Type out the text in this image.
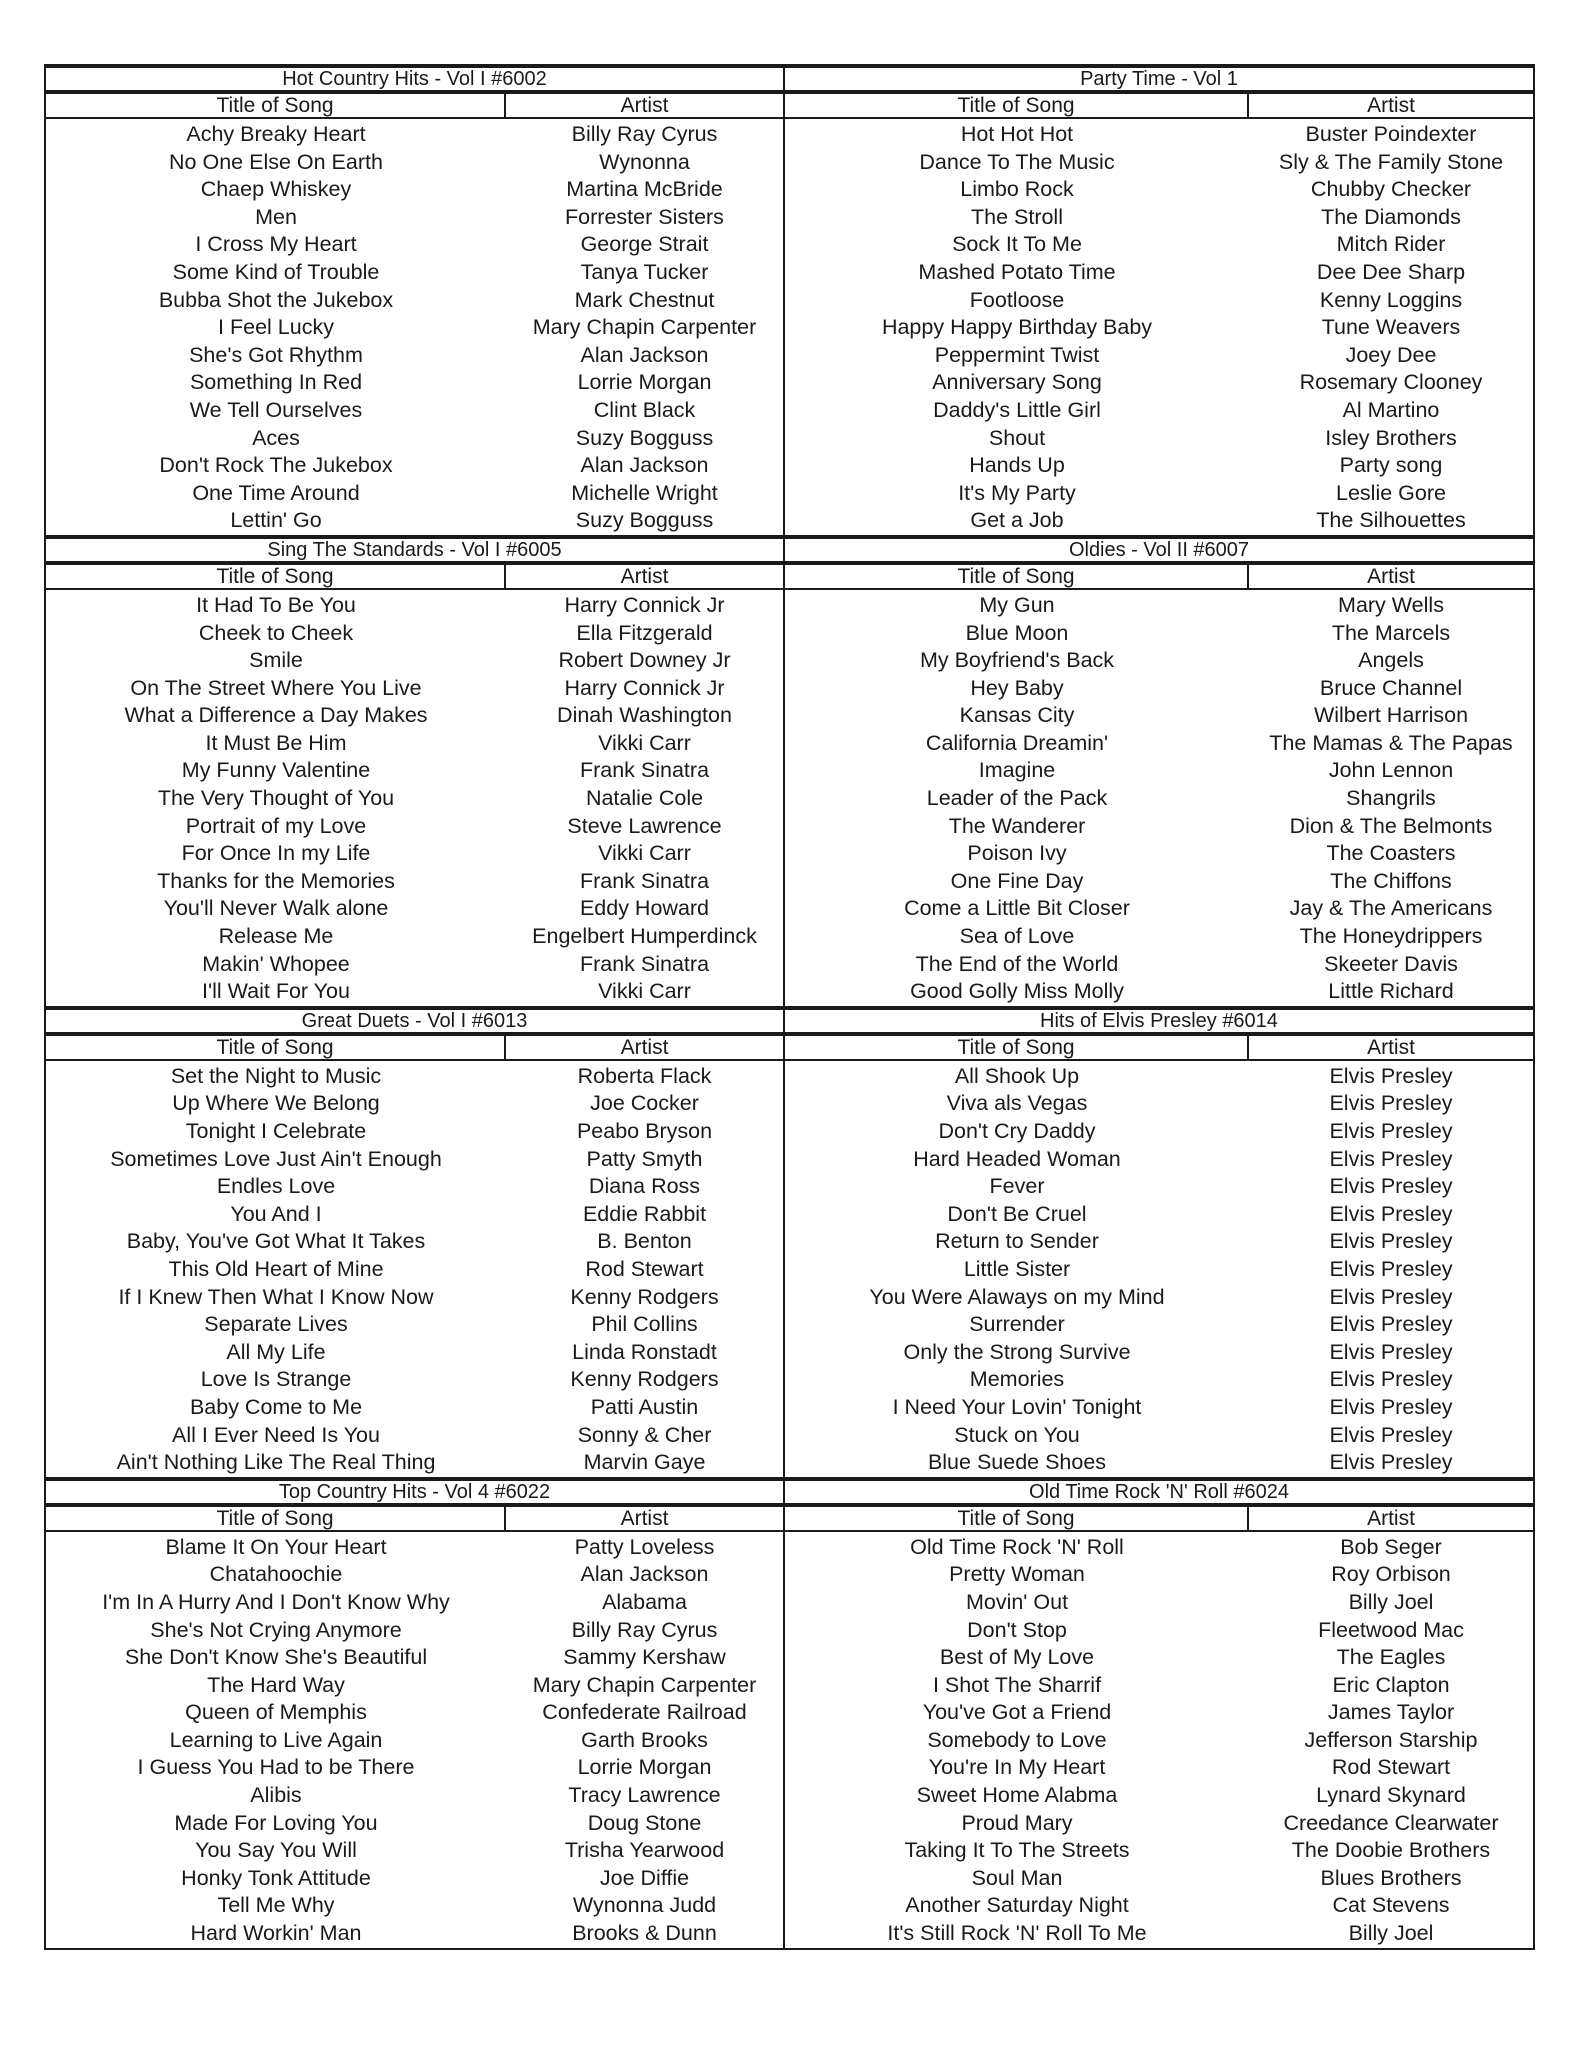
Hot Country Hits - Vol I #6002
Title of Song	Artist
Achy Breaky Heart	Billy Ray Cyrus
No One Else On Earth	Wynonna
Chaep Whiskey	Martina McBride
Men	Forrester Sisters
I Cross My Heart	George Strait
Some Kind of Trouble	Tanya Tucker
Bubba Shot the Jukebox	Mark Chestnut
I Feel Lucky	Mary Chapin Carpenter
She's Got Rhythm	Alan Jackson
Something In Red	Lorrie Morgan
We Tell Ourselves	Clint Black
Aces	Suzy Bogguss
Don't Rock The Jukebox	Alan Jackson
One Time Around	Michelle Wright
Lettin' Go	Suzy Bogguss
Party Time - Vol 1
Title of Song	Artist
Hot Hot Hot	Buster Poindexter
Dance To The Music	Sly & The Family Stone
Limbo Rock	Chubby Checker
The Stroll	The Diamonds
Sock It To Me	Mitch Rider
Mashed Potato Time	Dee Dee Sharp
Footloose	Kenny Loggins
Happy Happy Birthday Baby	Tune Weavers
Peppermint Twist	Joey Dee
Anniversary Song	Rosemary Clooney
Daddy's Little Girl	Al Martino
Shout	Isley Brothers
Hands Up	Party song
It's My Party	Leslie Gore
Get a Job	The Silhouettes
Sing The Standards - Vol I #6005
Title of Song	Artist
It Had To Be You	Harry Connick Jr
Cheek to Cheek	Ella Fitzgerald
Smile	Robert Downey Jr
On The Street Where You Live	Harry Connick Jr
What a Difference a Day Makes	Dinah Washington
It Must Be Him	Vikki Carr
My Funny Valentine	Frank Sinatra
The Very Thought of You	Natalie Cole
Portrait of my Love	Steve Lawrence
For Once In my Life	Vikki Carr
Thanks for the Memories	Frank Sinatra
You'll Never Walk alone	Eddy Howard
Release Me	Engelbert Humperdinck
Makin' Whopee	Frank Sinatra
I'll Wait For You	Vikki Carr
Oldies - Vol II #6007
Title of Song	Artist
My Gun	Mary Wells
Blue Moon	The Marcels
My Boyfriend's Back	Angels
Hey Baby	Bruce Channel
Kansas City	Wilbert Harrison
California Dreamin'	The Mamas & The Papas
Imagine	John Lennon
Leader of the Pack	Shangrils
The Wanderer	Dion & The Belmonts
Poison Ivy	The Coasters
One Fine Day	The Chiffons
Come a Little Bit Closer	Jay & The Americans
Sea of Love	The Honeydrippers
The End of the World	Skeeter Davis
Good Golly Miss Molly	Little Richard
Great Duets - Vol I #6013
Title of Song	Artist
Set the Night to Music	Roberta Flack
Up Where We Belong	Joe Cocker
Tonight I Celebrate	Peabo Bryson
Sometimes Love Just Ain't Enough	Patty Smyth
Endles Love	Diana Ross
You And I	Eddie Rabbit
Baby, You've Got What It Takes	B. Benton
This Old Heart of Mine	Rod Stewart
If I Knew Then What I Know Now	Kenny Rodgers
Separate Lives	Phil Collins
All My Life	Linda Ronstadt
Love Is Strange	Kenny Rodgers
Baby Come to Me	Patti Austin
All I Ever Need Is You	Sonny & Cher
Ain't Nothing Like The Real Thing	Marvin Gaye
Hits of Elvis Presley #6014
Title of Song	Artist
All Shook Up	Elvis Presley
Viva als Vegas	Elvis Presley
Don't Cry Daddy	Elvis Presley
Hard Headed Woman	Elvis Presley
Fever	Elvis Presley
Don't Be Cruel	Elvis Presley
Return to Sender	Elvis Presley
Little Sister	Elvis Presley
You Were Alaways on my Mind	Elvis Presley
Surrender	Elvis Presley
Only the Strong Survive	Elvis Presley
Memories	Elvis Presley
I Need Your Lovin' Tonight	Elvis Presley
Stuck on You	Elvis Presley
Blue Suede Shoes	Elvis Presley
Top Country Hits - Vol 4 #6022
Title of Song	Artist
Blame It On Your Heart	Patty Loveless
Chatahoochie	Alan Jackson
I'm In A Hurry And I Don't Know Why	Alabama
She's Not Crying Anymore	Billy Ray Cyrus
She Don't Know She's Beautiful	Sammy Kershaw
The Hard Way	Mary Chapin Carpenter
Queen of Memphis	Confederate Railroad
Learning to Live Again	Garth Brooks
I Guess You Had to be There	Lorrie Morgan
Alibis	Tracy Lawrence
Made For Loving You	Doug Stone
You Say You Will	Trisha Yearwood
Honky Tonk Attitude	Joe Diffie
Tell Me Why	Wynonna Judd
Hard Workin' Man	Brooks & Dunn
Old Time Rock 'N' Roll #6024
Title of Song	Artist
Old Time Rock 'N' Roll	Bob Seger
Pretty Woman	Roy Orbison
Movin' Out	Billy Joel
Don't Stop	Fleetwood Mac
Best of My Love	The Eagles
I Shot The Sharrif	Eric Clapton
You've Got a Friend	James Taylor
Somebody to Love	Jefferson Starship
You're In My Heart	Rod Stewart
Sweet Home Alabma	Lynard Skynard
Proud Mary	Creedance Clearwater
Taking It To The Streets	The Doobie Brothers
Soul Man	Blues Brothers
Another Saturday Night	Cat Stevens
It's Still Rock 'N' Roll To Me	Billy Joel
